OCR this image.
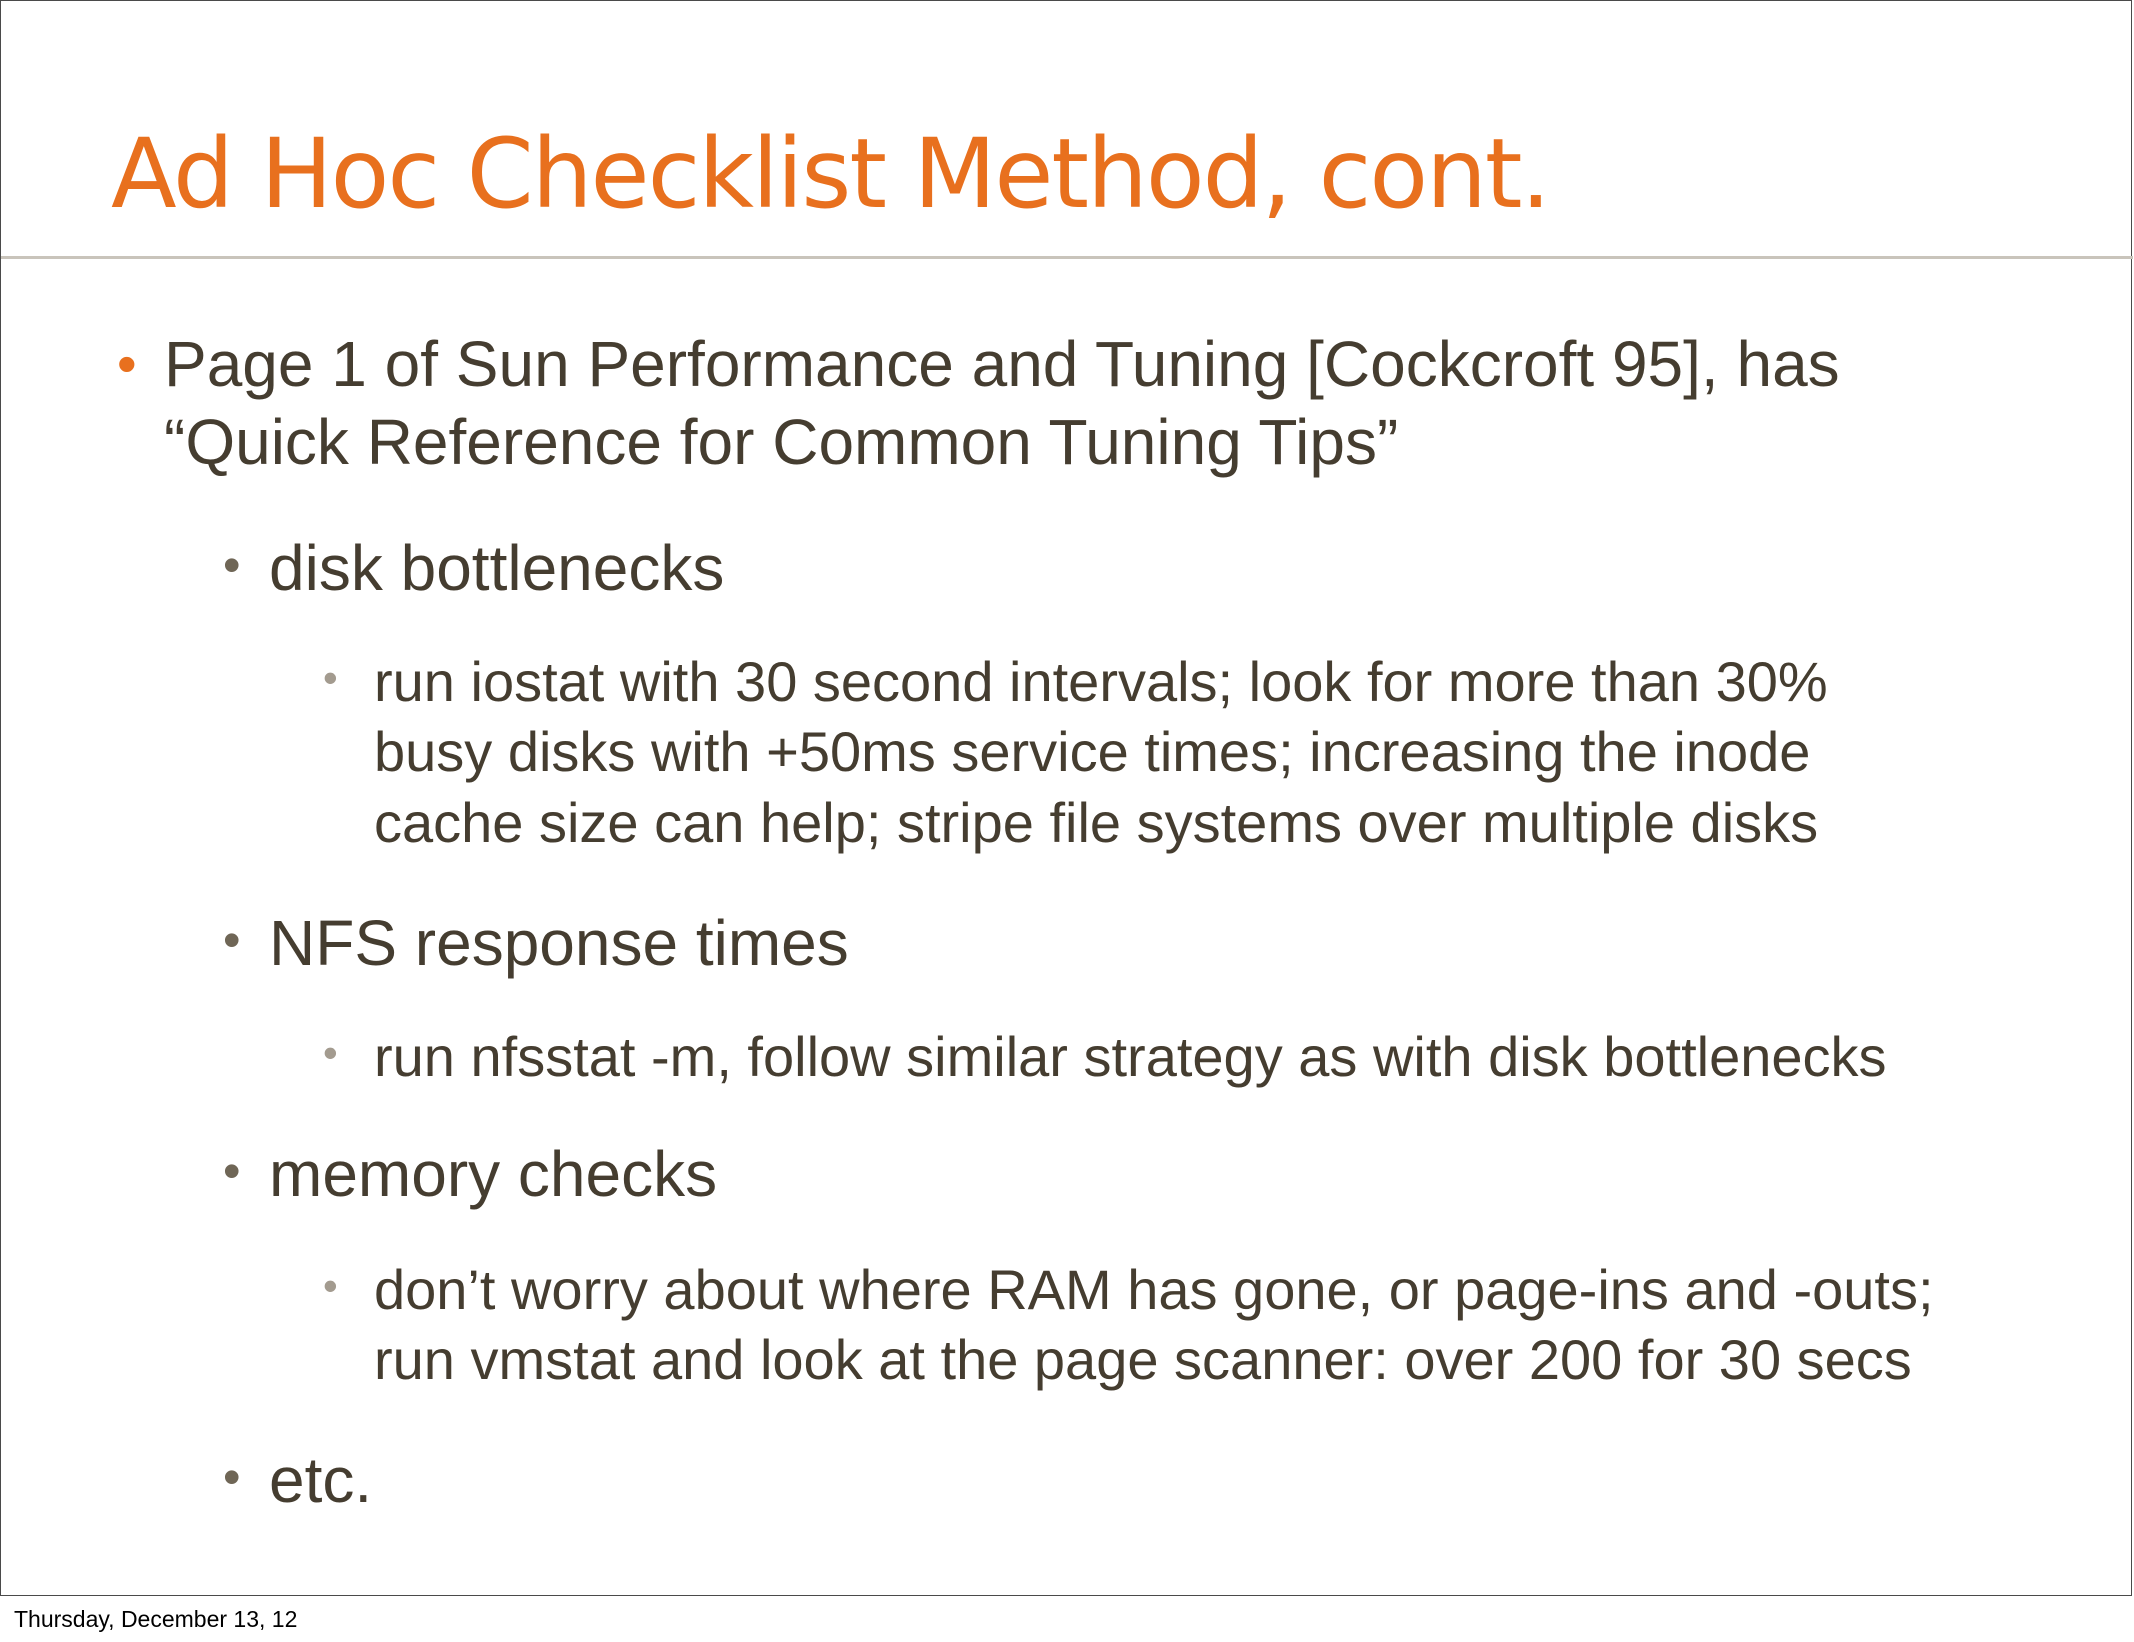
Ad Hoc Checklist Method, cont.
• Page 1 of Sun Performance and Tuning [Cockcroft 95], has
“Quick Reference for Common Tuning Tips”
• disk bottlenecks
• run iostat with 30 second intervals; look for more than 30%
busy disks with +50ms service times; increasing the inode
cache size can help; stripe file systems over multiple disks
• NFS response times
• run nfsstat -m, follow similar strategy as with disk bottlenecks
• memory checks
• don’t worry about where RAM has gone, or page-ins and -outs;
run vmstat and look at the page scanner: over 200 for 30 secs
• etc.
Thursday, December 13, 12
